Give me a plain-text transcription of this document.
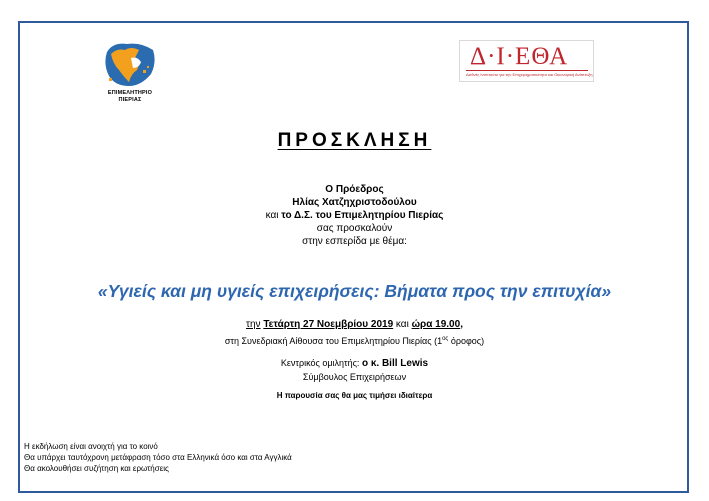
ΕΠΙΜΕΛΗΤΗΡΙΟ
ΠΙΕΡΙΑΣ
Δ·Ι·ΕΘΑ
Διεθνές Ινστιτούτο για την Επιχειρηματικότητα και Οικονομική Ανάπτυξη
ΠΡΟΣΚΛΗΣΗ
Ο Πρόεδρος
Ηλίας Χατζηχριστοδούλου
και το Δ.Σ. του Επιμελητηρίου Πιερίας
σας προσκαλούν
στην εσπερίδα με θέμα:
«Υγιείς και μη υγιείς επιχειρήσεις: Βήματα προς την επιτυχία»
την Τετάρτη 27 Νοεμβρίου 2019 και ώρα 19.00,
στη Συνεδριακή Αίθουσα του Επιμελητηρίου Πιερίας ($1^{o\varsigma}$ όροφος)
Κεντρικός ομιλητής: ο κ. Bill Lewis
Σύμβουλος Επιχειρήσεων
Η παρουσία σας θα μας τιμήσει ιδιαίτερα
Η εκδήλωση είναι ανοιχτή για το κοινό
Θα υπάρχει ταυτόχρονη μετάφραση τόσο στα Ελληνικά όσο και στα Αγγλικά
Θα ακολουθήσει συζήτηση και ερωτήσεις
